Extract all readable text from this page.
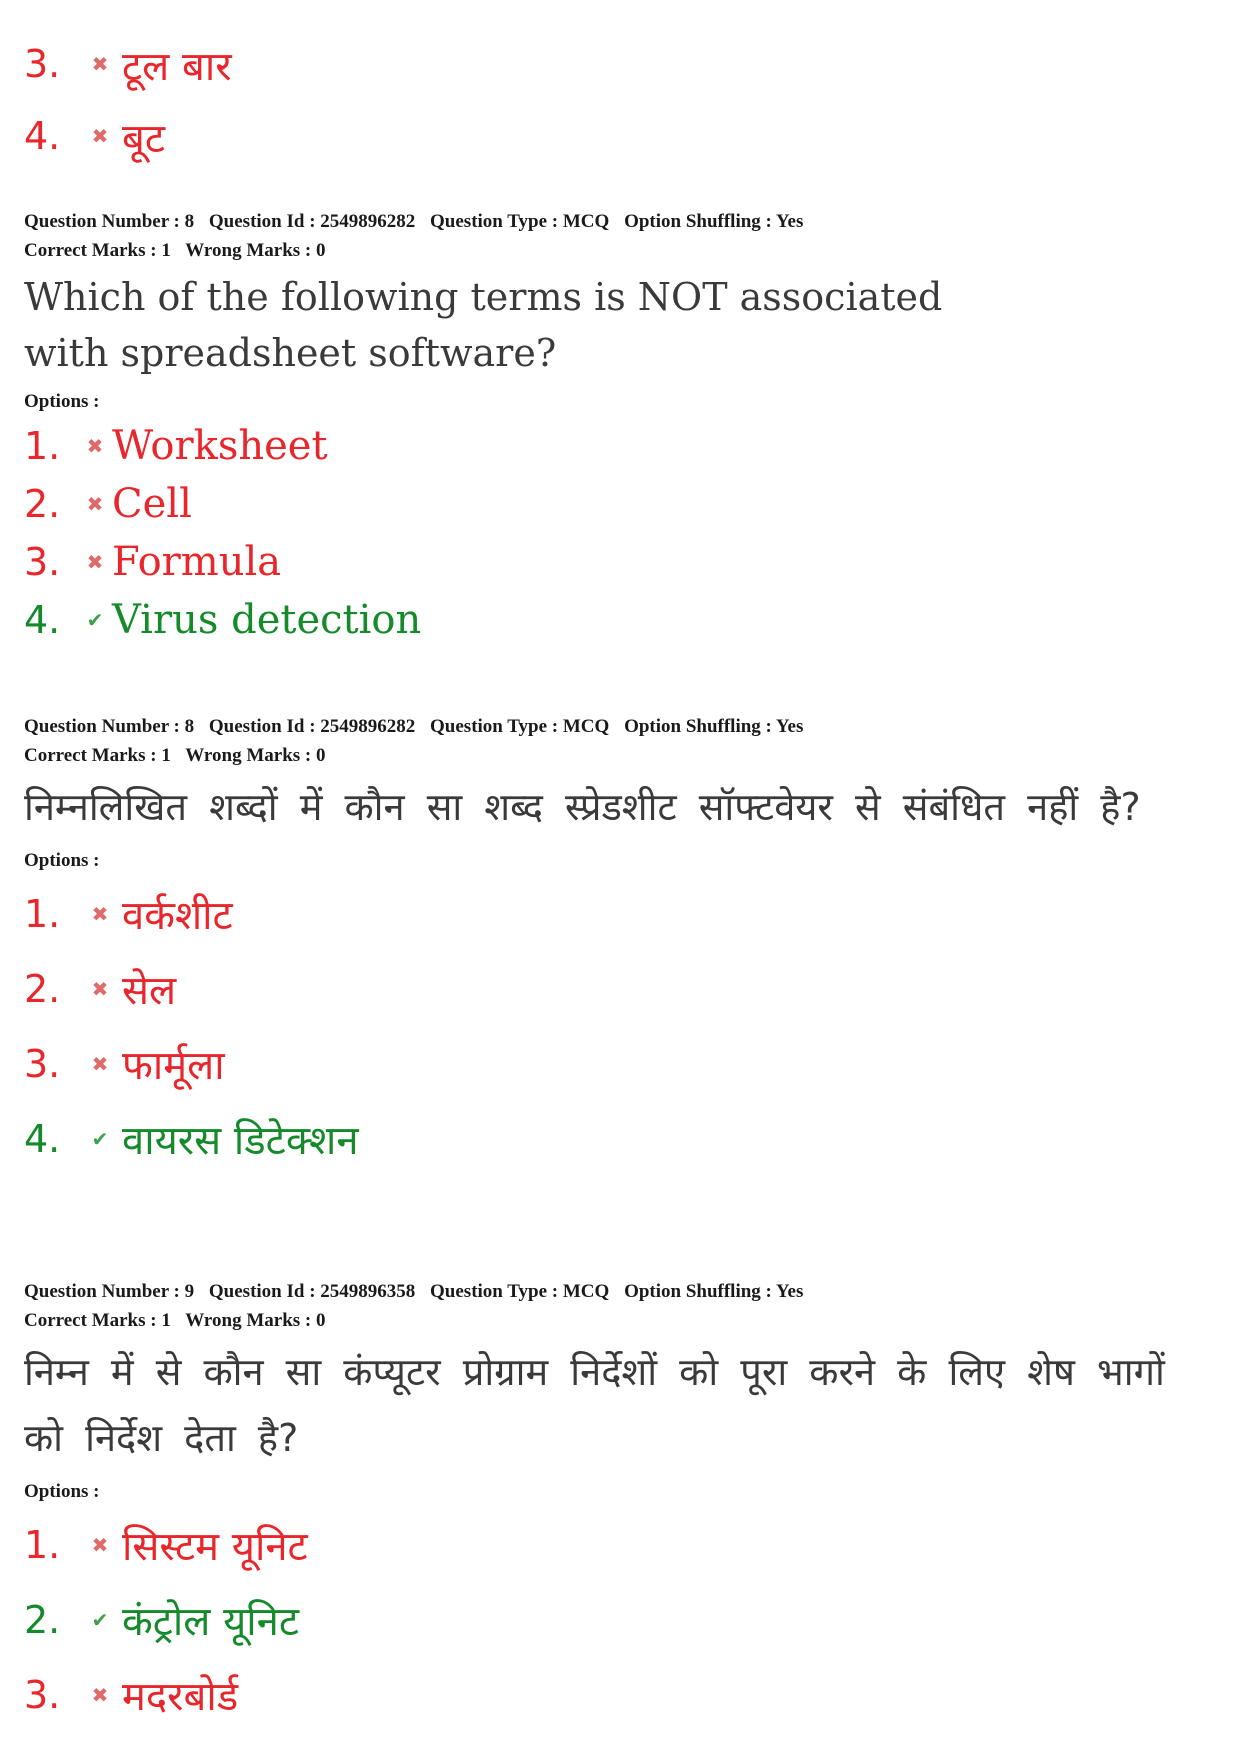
3.	✖ टूल बार
4.	✖ बूट
Question Number : 8 Question Id : 2549896282 Question Type : MCQ Option Shuffling : Yes
Correct Marks : 1 Wrong Marks : 0
Which of the following terms is NOT associated with spreadsheet software?
Options :
1.	✖ Worksheet
2.	✖ Cell
3.	✖ Formula
4.	✔ Virus detection
Question Number : 8 Question Id : 2549896282 Question Type : MCQ Option Shuffling : Yes
Correct Marks : 1 Wrong Marks : 0
निम्नलिखित शब्दों में कौन सा शब्द स्प्रेडशीट सॉफ्टवेयर से संबंधित नहीं है?
Options :
1.	✖ वर्कशीट
2.	✖ सेल
3.	✖ फार्मूला
4.	✔ वायरस डिटेक्शन
Question Number : 9 Question Id : 2549896358 Question Type : MCQ Option Shuffling : Yes
Correct Marks : 1 Wrong Marks : 0
निम्न में से कौन सा कंप्यूटर प्रोग्राम निर्देशों को पूरा करने के लिए शेष भागों को निर्देश देता है?
Options :
1.	✖ सिस्टम यूनिट
2.	✔ कंट्रोल यूनिट
3.	✖ मदरबोर्ड
